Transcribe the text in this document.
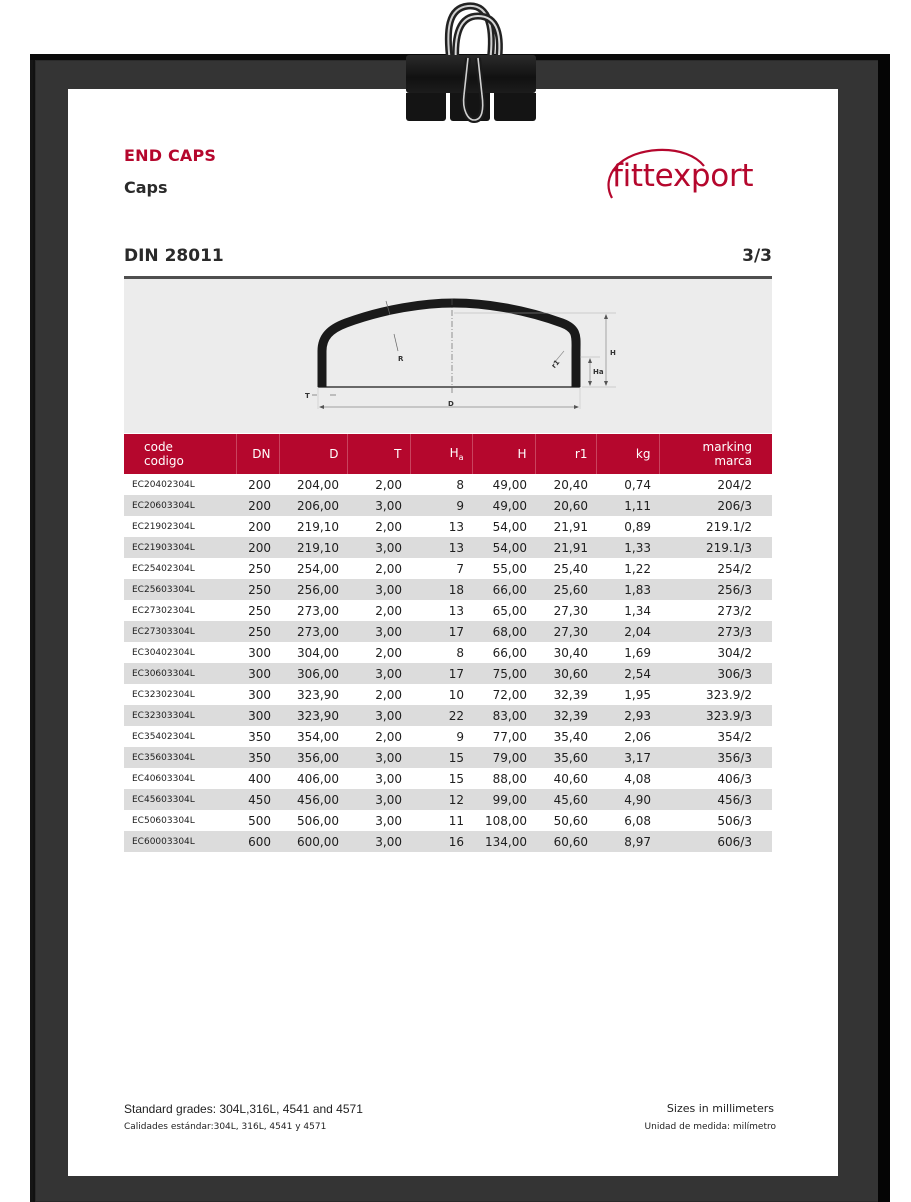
END CAPS
Caps	fittexport
DIN 28011	3/3
R	r1
H
Ha
T
D
code
codigo	DN	D	T	$H_a$	H	r1	kg	marking
marca
EC20402304L	200	204,00	2,00	8	49,00	20,40	0,74	204/2
EC20603304L	200	206,00	3,00	9	49,00	20,60	1,11	206/3
EC21902304L	200	219,10	2,00	13	54,00	21,91	0,89	219.1/2
EC21903304L	200	219,10	3,00	13	54,00	21,91	1,33	219.1/3
EC25402304L	250	254,00	2,00	7	55,00	25,40	1,22	254/2
EC25603304L	250	256,00	3,00	18	66,00	25,60	1,83	256/3
EC27302304L	250	273,00	2,00	13	65,00	27,30	1,34	273/2
EC27303304L	250	273,00	3,00	17	68,00	27,30	2,04	273/3
EC30402304L	300	304,00	2,00	8	66,00	30,40	1,69	304/2
EC30603304L	300	306,00	3,00	17	75,00	30,60	2,54	306/3
EC32302304L	300	323,90	2,00	10	72,00	32,39	1,95	323.9/2
EC32303304L	300	323,90	3,00	22	83,00	32,39	2,93	323.9/3
EC35402304L	350	354,00	2,00	9	77,00	35,40	2,06	354/2
EC35603304L	350	356,00	3,00	15	79,00	35,60	3,17	356/3
EC40603304L	400	406,00	3,00	15	88,00	40,60	4,08	406/3
EC45603304L	450	456,00	3,00	12	99,00	45,60	4,90	456/3
EC50603304L	500	506,00	3,00	11	108,00	50,60	6,08	506/3
EC60003304L	600	600,00	3,00	16	134,00	60,60	8,97	606/3
Standard grades: 304L,316L, 4541 and 4571
Calidades estándar:304L, 316L, 4541 y 4571
Sizes in millimeters
Unidad de medida: milímetro
